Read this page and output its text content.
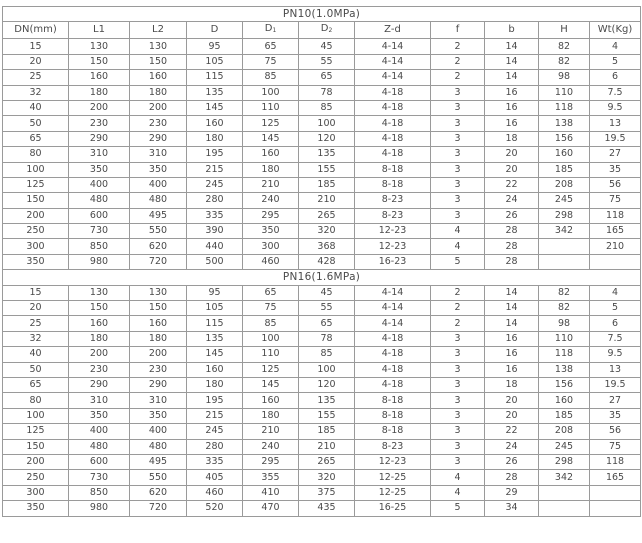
PN10(1.0MPa)										
DN(mm)	L1	L2	D	$D_1$	$D_2$	Z-d	f	b	H	Wt(Kg)
15	130	130	95	65	45	4-14	2	14	82	4
20	150	150	105	75	55	4-14	2	14	82	5
25	160	160	115	85	65	4-14	2	14	98	6
32	180	180	135	100	78	4-18	3	16	110	7.5
40	200	200	145	110	85	4-18	3	16	118	9.5
50	230	230	160	125	100	4-18	3	16	138	13
65	290	290	180	145	120	4-18	3	18	156	19.5
80	310	310	195	160	135	4-18	3	20	160	27
100	350	350	215	180	155	8-18	3	20	185	35
125	400	400	245	210	185	8-18	3	22	208	56
150	480	480	280	240	210	8-23	3	24	245	75
200	600	495	335	295	265	8-23	3	26	298	118
250	730	550	390	350	320	12-23	4	28	342	165
300	850	620	440	300	368	12-23	4	28		210
350	980	720	500	460	428	16-23	5	28		
PN16(1.6MPa)										
15	130	130	95	65	45	4-14	2	14	82	4
20	150	150	105	75	55	4-14	2	14	82	5
25	160	160	115	85	65	4-14	2	14	98	6
32	180	180	135	100	78	4-18	3	16	110	7.5
40	200	200	145	110	85	4-18	3	16	118	9.5
50	230	230	160	125	100	4-18	3	16	138	13
65	290	290	180	145	120	4-18	3	18	156	19.5
80	310	310	195	160	135	8-18	3	20	160	27
100	350	350	215	180	155	8-18	3	20	185	35
125	400	400	245	210	185	8-18	3	22	208	56
150	480	480	280	240	210	8-23	3	24	245	75
200	600	495	335	295	265	12-23	3	26	298	118
250	730	550	405	355	320	12-25	4	28	342	165
300	850	620	460	410	375	12-25	4	29		
350	980	720	520	470	435	16-25	5	34		
